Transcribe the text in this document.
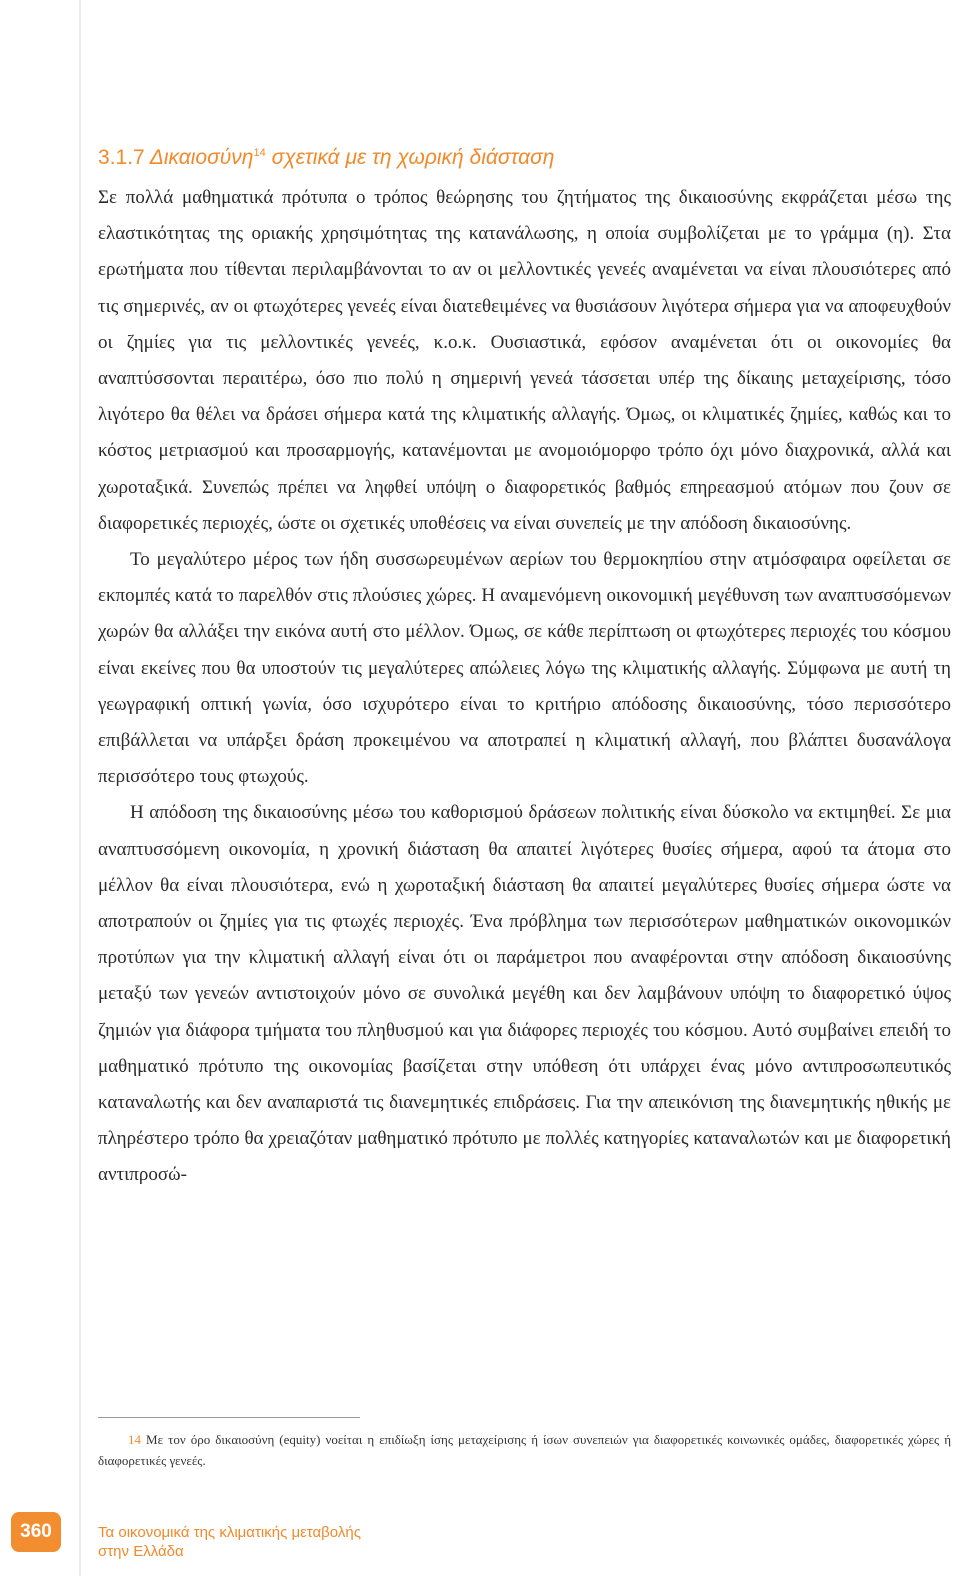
3.1.7 Δικαιοσύνη$^{14}$ σχετικά με τη χωρική διάσταση

Σε πολλά μαθηματικά πρότυπα ο τρόπος θεώρησης του ζητήματος της δικαιοσύνης εκφράζεται μέσω της ελαστικότητας της οριακής χρησιμότητας της κατανάλωσης, η οποία συμβολίζεται με το γράμμα (η). Στα ερωτήματα που τίθενται περιλαμβάνονται το αν οι μελλοντικές γενεές αναμένεται να είναι πλουσιότερες από τις σημερινές, αν οι φτωχότερες γενεές είναι διατεθειμένες να θυσιάσουν λιγότερα σήμερα για να αποφευχθούν οι ζημίες για τις μελλοντικές γενεές, κ.ο.κ. Ουσιαστικά, εφόσον αναμένεται ότι οι οικονομίες θα αναπτύσσονται περαιτέρω, όσο πιο πολύ η σημερινή γενεά τάσσεται υπέρ της δίκαιης μεταχείρισης, τόσο λιγότερο θα θέλει να δράσει σήμερα κατά της κλιματικής αλλαγής. Όμως, οι κλιματικές ζημίες, καθώς και το κόστος μετριασμού και προσαρμογής, κατανέμονται με ανομοιόμορφο τρόπο όχι μόνο διαχρονικά, αλλά και χωροταξικά. Συνεπώς πρέπει να ληφθεί υπόψη ο διαφορετικός βαθμός επηρεασμού ατόμων που ζουν σε διαφορετικές περιοχές, ώστε οι σχετικές υποθέσεις να είναι συνεπείς με την απόδοση δικαιοσύνης.

Το μεγαλύτερο μέρος των ήδη συσσωρευμένων αερίων του θερμοκηπίου στην ατμόσφαιρα οφείλεται σε εκπομπές κατά το παρελθόν στις πλούσιες χώρες. Η αναμενόμενη οικονομική μεγέθυνση των αναπτυσσόμενων χωρών θα αλλάξει την εικόνα αυτή στο μέλλον. Όμως, σε κάθε περίπτωση οι φτωχότερες περιοχές του κόσμου είναι εκείνες που θα υποστούν τις μεγαλύτερες απώλειες λόγω της κλιματικής αλλαγής. Σύμφωνα με αυτή τη γεωγραφική οπτική γωνία, όσο ισχυρότερο είναι το κριτήριο απόδοσης δικαιοσύνης, τόσο περισσότερο επιβάλλεται να υπάρξει δράση προκειμένου να αποτραπεί η κλιματική αλλαγή, που βλάπτει δυσανάλογα περισσότερο τους φτωχούς.

Η απόδοση της δικαιοσύνης μέσω του καθορισμού δράσεων πολιτικής είναι δύσκολο να εκτιμηθεί. Σε μια αναπτυσσόμενη οικονομία, η χρονική διάσταση θα απαιτεί λιγότερες θυσίες σήμερα, αφού τα άτομα στο μέλλον θα είναι πλουσιότερα, ενώ η χωροταξική διάσταση θα απαιτεί μεγαλύτερες θυσίες σήμερα ώστε να αποτραπούν οι ζημίες για τις φτωχές περιοχές. Ένα πρόβλημα των περισσότερων μαθηματικών οικονομικών προτύπων για την κλιματική αλλαγή είναι ότι οι παράμετροι που αναφέρονται στην απόδοση δικαιοσύνης μεταξύ των γενεών αντιστοιχούν μόνο σε συνολικά μεγέθη και δεν λαμβάνουν υπόψη το διαφορετικό ύψος ζημιών για διάφορα τμήματα του πληθυσμού και για διάφορες περιοχές του κόσμου. Αυτό συμβαίνει επειδή το μαθηματικό πρότυπο της οικονομίας βασίζεται στην υπόθεση ότι υπάρχει ένας μόνο αντιπροσωπευτικός καταναλωτής και δεν αναπαριστά τις διανεμητικές επιδράσεις. Για την απεικόνιση της διανεμητικής ηθικής με πληρέστερο τρόπο θα χρειαζόταν μαθηματικό πρότυπο με πολλές κατηγορίες καταναλωτών και με διαφορετική αντιπροσώ-

14 Με τον όρο δικαιοσύνη (equity) νοείται η επιδίωξη ίσης μεταχείρισης ή ίσων συνεπειών για διαφορετικές κοινωνικές ομάδες, διαφορετικές χώρες ή διαφορετικές γενεές.

360	Τα οικονομικά της κλιματικής μεταβολής
στην Ελλάδα
